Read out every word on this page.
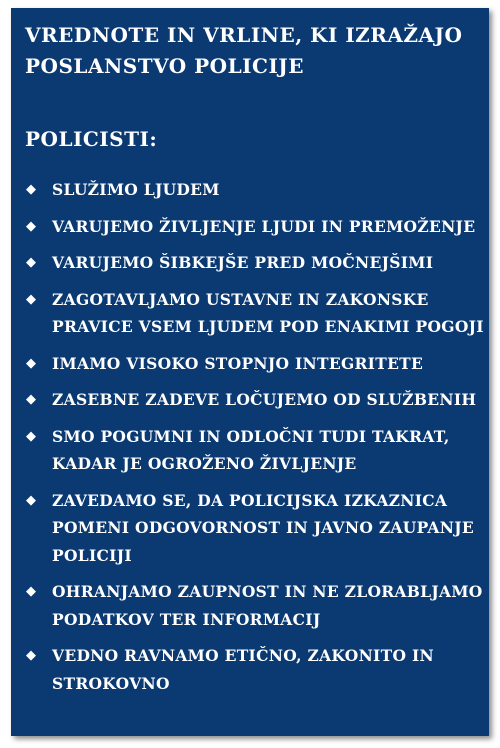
VREDNOTE IN VRLINE, KI IZRAŽAJO POSLANSTVO POLICIJE
POLICISTI:
◆ SLUŽIMO LJUDEM
◆ VARUJEMO ŽIVLJENJE LJUDI IN PREMOŽENJE
◆ VARUJEMO ŠIBKEJŠE PRED MOČNEJŠIMI
◆ ZAGOTAVLJAMO USTAVNE IN ZAKONSKE PRAVICE VSEM LJUDEM POD ENAKIMI POGOJI
◆ IMAMO VISOKO STOPNJO INTEGRITETE
◆ ZASEBNE ZADEVE LOČUJEMO OD SLUŽBENIH
◆ SMO POGUMNI IN ODLOČNI TUDI TAKRAT, KADAR JE OGROŽENO ŽIVLJENJE
◆ ZAVEDAMO SE, DA POLICIJSKA IZKAZNICA POMENI ODGOVORNOST IN JAVNO ZAUPANJE POLICIJI
◆ OHRANJAMO ZAUPNOST IN NE ZLORABLJAMO PODATKOV TER INFORMACIJ
◆ VEDNO RAVNAMO ETIČNO, ZAKONITO IN STROKOVNO
